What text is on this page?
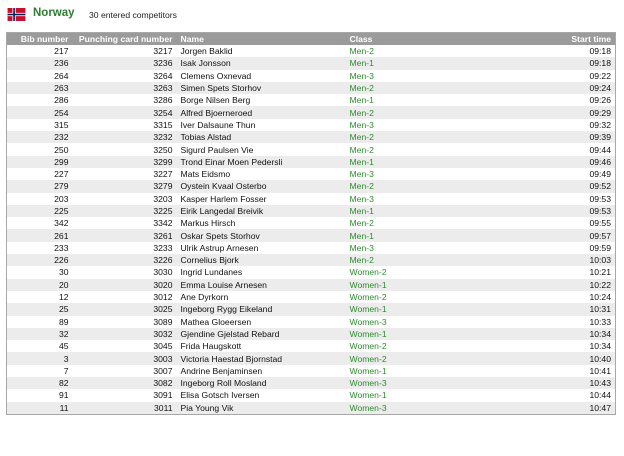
Norway 30 entered competitors
Bib number	Punching card number	Name	Class	Start time
217	3217	Jorgen Baklid	Men-2	09:18
236	3236	Isak Jonsson	Men-1	09:18
264	3264	Clemens Oxnevad	Men-3	09:22
263	3263	Simen Spets Storhov	Men-2	09:24
286	3286	Borge Nilsen Berg	Men-1	09:26
254	3254	Alfred Bjoerneroed	Men-2	09:29
315	3315	Iver Dalsaune Thun	Men-3	09:32
232	3232	Tobias Alstad	Men-2	09:39
250	3250	Sigurd Paulsen Vie	Men-2	09:44
299	3299	Trond Einar Moen Pedersli	Men-1	09:46
227	3227	Mats Eidsmo	Men-3	09:49
279	3279	Oystein Kvaal Osterbo	Men-2	09:52
203	3203	Kasper Harlem Fosser	Men-3	09:53
225	3225	Eirik Langedal Breivik	Men-1	09:53
342	3342	Markus Hirsch	Men-2	09:55
261	3261	Oskar Spets Storhov	Men-1	09:57
233	3233	Ulrik Astrup Arnesen	Men-3	09:59
226	3226	Cornelius Bjork	Men-2	10:03
30	3030	Ingrid Lundanes	Women-2	10:21
20	3020	Emma Louise Arnesen	Women-1	10:22
12	3012	Ane Dyrkorn	Women-2	10:24
25	3025	Ingeborg Rygg Eikeland	Women-1	10:31
89	3089	Mathea Gloeersen	Women-3	10:33
32	3032	Gjendine Gjelstad Rebard	Women-1	10:34
45	3045	Frida Haugskott	Women-2	10:34
3	3003	Victoria Haestad Bjornstad	Women-2	10:40
7	3007	Andrine Benjaminsen	Women-1	10:41
82	3082	Ingeborg Roll Mosland	Women-3	10:43
91	3091	Elisa Gotsch Iversen	Women-1	10:44
11	3011	Pia Young Vik	Women-3	10:47
